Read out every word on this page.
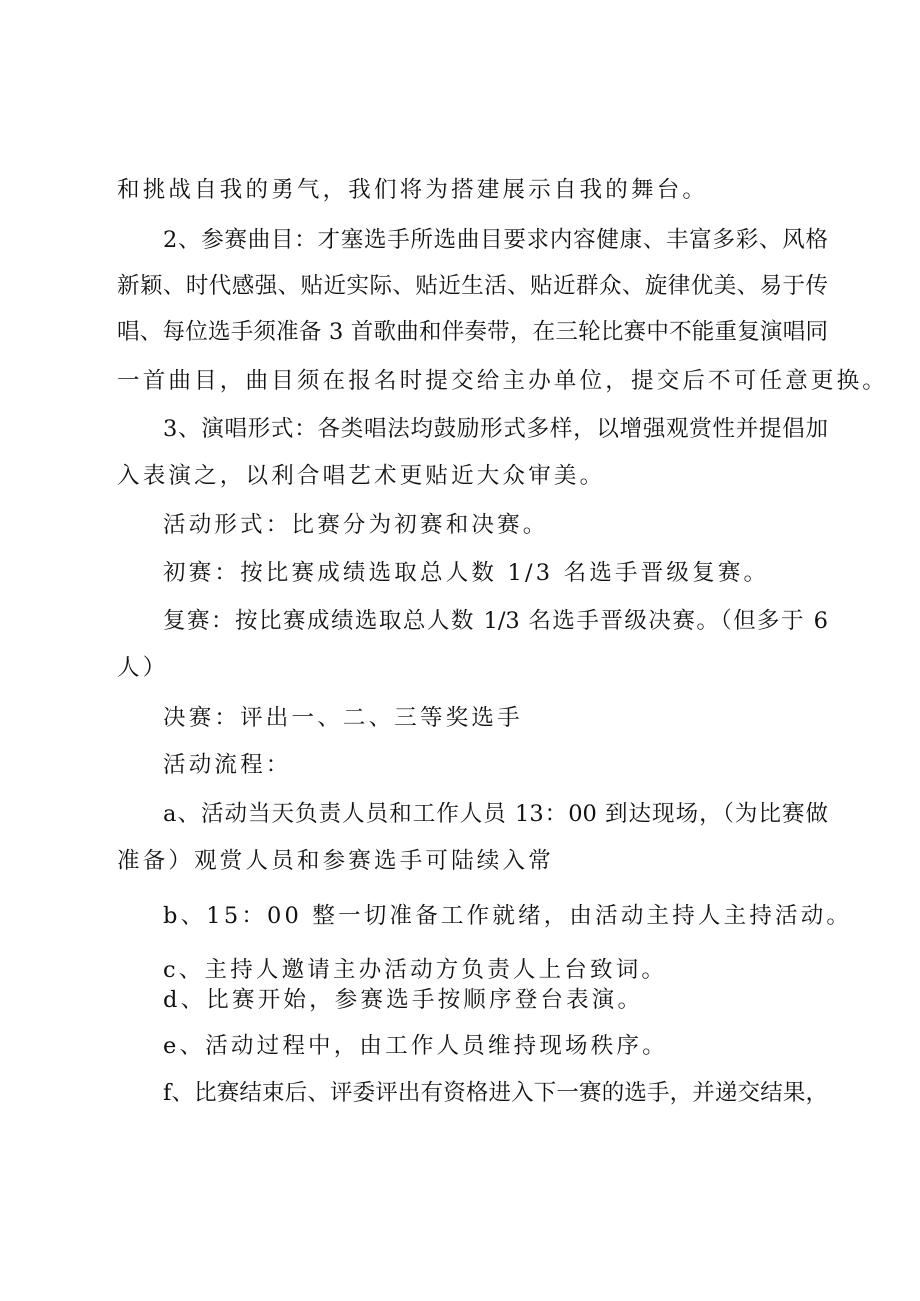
和挑战自我的勇气，我们将为搭建展示自我的舞台。
2、参赛曲目：才塞选手所选曲目要求内容健康、丰富多彩、风格
新颖、时代感强、贴近实际、贴近生活、贴近群众、旋律优美、易于传
唱、每位选手须准备 3 首歌曲和伴奏带，在三轮比赛中不能重复演唱同
一首曲目，曲目须在报名时提交给主办单位，提交后不可任意更换。
3、演唱形式：各类唱法均鼓励形式多样，以增强观赏性并提倡加
入表演之，以利合唱艺术更贴近大众审美。
活动形式：比赛分为初赛和决赛。
初赛：按比赛成绩选取总人数 1/3 名选手晋级复赛。
复赛：按比赛成绩选取总人数 1/3 名选手晋级决赛。（但多于 6
人）
决赛：评出一、二、三等奖选手
活动流程：
a、活动当天负责人员和工作人员 13：00 到达现场，（为比赛做
准备）观赏人员和参赛选手可陆续入常
b、15：00 整一切准备工作就绪，由活动主持人主持活动。
c、主持人邀请主办活动方负责人上台致词。
d、比赛开始，参赛选手按顺序登台表演。
e、活动过程中，由工作人员维持现场秩序。
f、比赛结束后、评委评出有资格进入下一赛的选手，并递交结果，
